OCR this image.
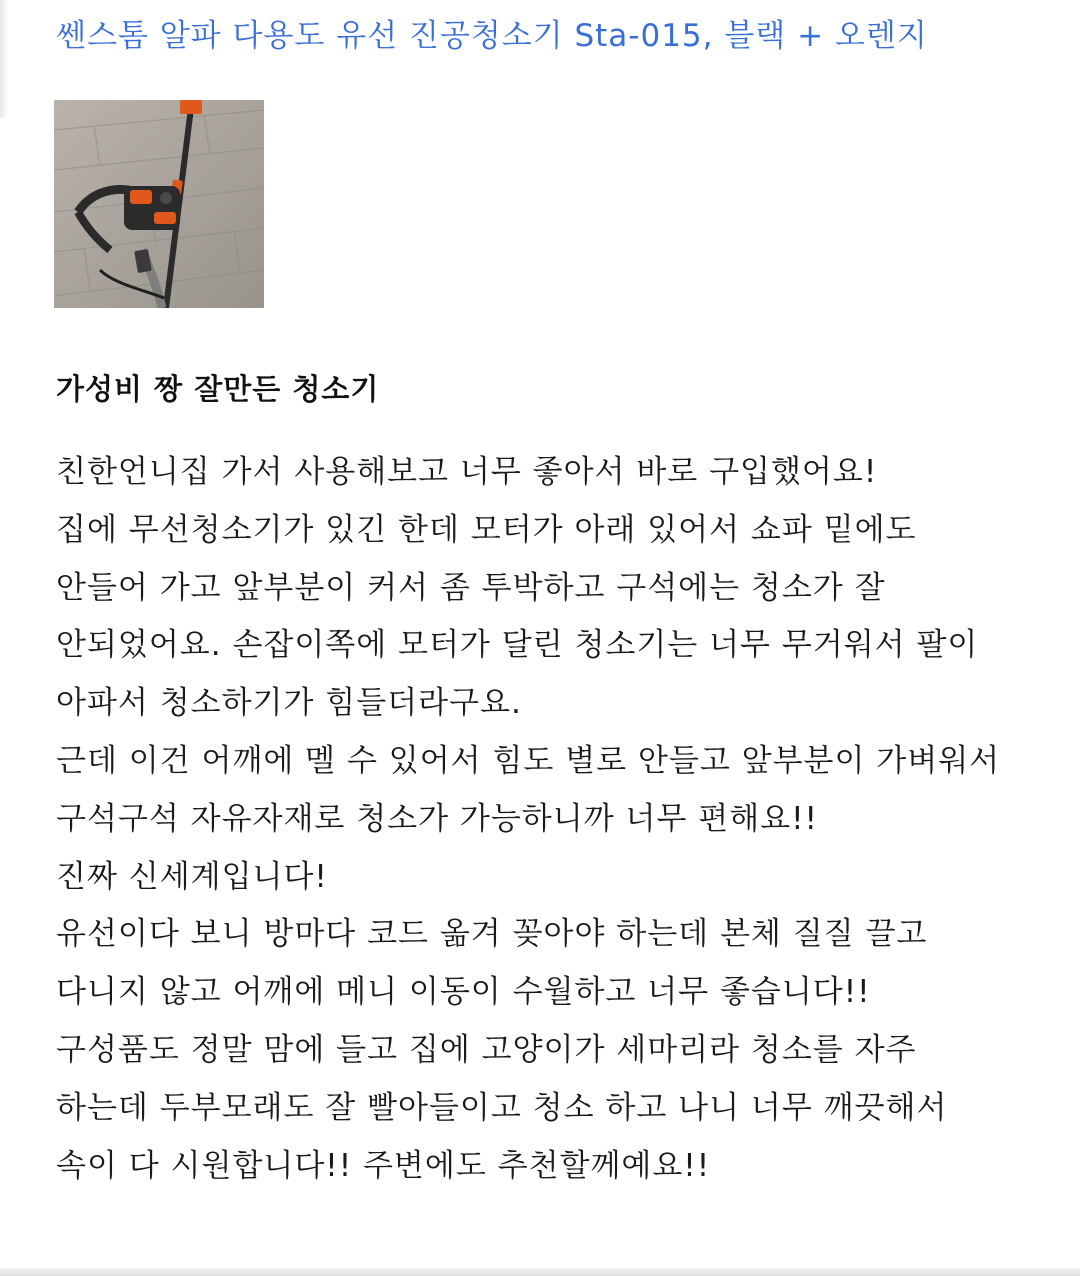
쎈스톰 알파 다용도 유선 진공청소기 Sta-015, 블랙 + 오렌지
가성비 짱 잘만든 청소기
친한언니집 가서 사용해보고 너무 좋아서 바로 구입했어요!
집에 무선청소기가 있긴 한데 모터가 아래 있어서 쇼파 밑에도
안들어 가고 앞부분이 커서 좀 투박하고 구석에는 청소가 잘
안되었어요. 손잡이쪽에 모터가 달린 청소기는 너무 무거워서 팔이
아파서 청소하기가 힘들더라구요.
근데 이건 어깨에 멜 수 있어서 힘도 별로 안들고 앞부분이 가벼워서
구석구석 자유자재로 청소가 가능하니까 너무 편해요!!
진짜 신세계입니다!
유선이다 보니 방마다 코드 옮겨 꽂아야 하는데 본체 질질 끌고
다니지 않고 어깨에 메니 이동이 수월하고 너무 좋습니다!!
구성품도 정말 맘에 들고 집에 고양이가 세마리라 청소를 자주
하는데 두부모래도 잘 빨아들이고 청소 하고 나니 너무 깨끗해서
속이 다 시원합니다!! 주변에도 추천할께예요!!
